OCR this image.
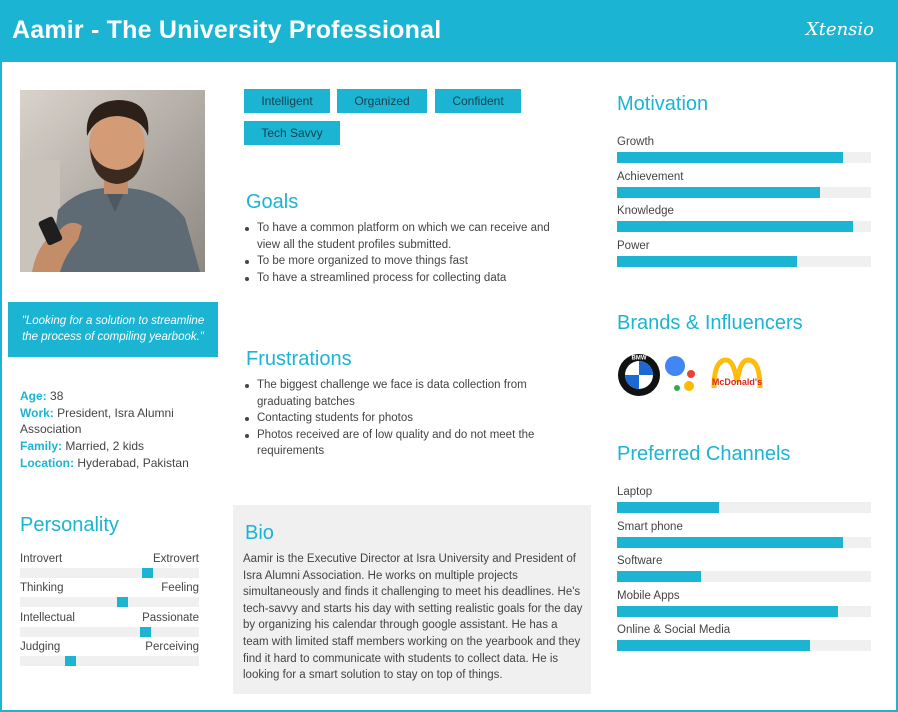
Aamir - The University Professional	Xtensio
"Looking for a solution to streamline the process of compiling yearbook."
Age: 38
Work: President, Isra Alumni Association
Family: Married, 2 kids
Location: Hyderabad, Pakistan
Personality
Introvert	Extrovert
Thinking	Feeling
Intellectual	Passionate
Judging	Perceiving
Intelligent	Organized	Confident
Tech Savvy
Goals
To have a common platform on which we can receive and view all the student profiles submitted.
To be more organized to move things fast
To have a streamlined process for collecting data
Frustrations
The biggest challenge we face is data collection from graduating batches
Contacting students for photos
Photos received are of low quality and do not meet the requirements
Bio
Aamir is the Executive Director at Isra University and President of Isra Alumni Association. He works on multiple projects simultaneously and finds it challenging to meet his deadlines. He's tech-savvy and starts his day with setting realistic goals for the day by organizing his calendar through google assistant. He has a team with limited staff members working on the yearbook and they find it hard to communicate with students to collect data. He is looking for a smart solution to stay on top of things.
Motivation
Growth
Achievement
Knowledge
Power
Brands & Influencers
BMW
McDonald's
Preferred Channels
Laptop
Smart phone
Software
Mobile Apps
Online & Social Media
